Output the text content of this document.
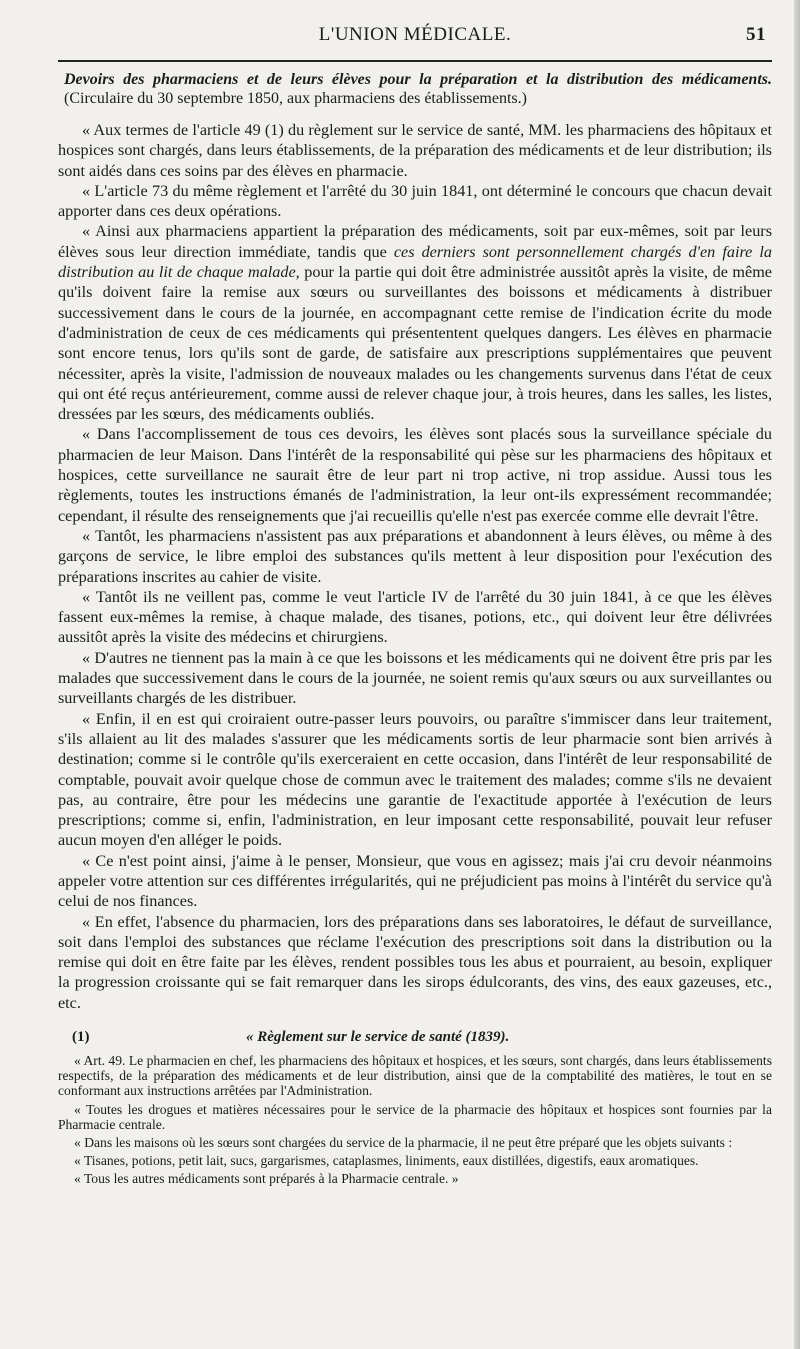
L'UNION MÉDICALE.	51
Devoirs des pharmaciens et de leurs élèves pour la préparation et la distribution des médicaments. (Circulaire du 30 septembre 1850, aux pharmaciens des établissements.)

« Aux termes de l'article 49 (1) du règlement sur le service de santé, MM. les pharmaciens des hôpitaux et hospices sont chargés, dans leurs établissements, de la préparation des médicaments et de leur distribution; ils sont aidés dans ces soins par des élèves en pharmacie.

« L'article 73 du même règlement et l'arrêté du 30 juin 1841, ont déterminé le concours que chacun devait apporter dans ces deux opérations.

« Ainsi aux pharmaciens appartient la préparation des médicaments, soit par eux-mêmes, soit par leurs élèves sous leur direction immédiate, tandis que ces derniers sont personnellement chargés d'en faire la distribution au lit de chaque malade, pour la partie qui doit être administrée aussitôt après la visite, de même qu'ils doivent faire la remise aux sœurs ou surveillantes des boissons et médicaments à distribuer successivement dans le cours de la journée, en accompagnant cette remise de l'indication écrite du mode d'administration de ceux de ces médicaments qui présententent quelques dangers. Les élèves en pharmacie sont encore tenus, lors qu'ils sont de garde, de satisfaire aux prescriptions supplémentaires que peuvent nécessiter, après la visite, l'admission de nouveaux malades ou les changements survenus dans l'état de ceux qui ont été reçus antérieurement, comme aussi de relever chaque jour, à trois heures, dans les salles, les listes, dressées par les sœurs, des médicaments oubliés.

« Dans l'accomplissement de tous ces devoirs, les élèves sont placés sous la surveillance spéciale du pharmacien de leur Maison. Dans l'intérêt de la responsabilité qui pèse sur les pharmaciens des hôpitaux et hospices, cette surveillance ne saurait être de leur part ni trop active, ni trop assidue. Aussi tous les règlements, toutes les instructions émanés de l'administration, la leur ont-ils expressément recommandée; cependant, il résulte des renseignements que j'ai recueillis qu'elle n'est pas exercée comme elle devrait l'être.

« Tantôt, les pharmaciens n'assistent pas aux préparations et abandonnent à leurs élèves, ou même à des garçons de service, le libre emploi des substances qu'ils mettent à leur disposition pour l'exécution des préparations inscrites au cahier de visite.

« Tantôt ils ne veillent pas, comme le veut l'article IV de l'arrêté du 30 juin 1841, à ce que les élèves fassent eux-mêmes la remise, à chaque malade, des tisanes, potions, etc., qui doivent leur être délivrées aussitôt après la visite des médecins et chirurgiens.

« D'autres ne tiennent pas la main à ce que les boissons et les médicaments qui ne doivent être pris par les malades que successivement dans le cours de la journée, ne soient remis qu'aux sœurs ou aux surveillantes ou surveillants chargés de les distribuer.

« Enfin, il en est qui croiraient outre-passer leurs pouvoirs, ou paraître s'immiscer dans leur traitement, s'ils allaient au lit des malades s'assurer que les médicaments sortis de leur pharmacie sont bien arrivés à destination; comme si le contrôle qu'ils exerceraient en cette occasion, dans l'intérêt de leur responsabilité de comptable, pouvait avoir quelque chose de commun avec le traitement des malades; comme s'ils ne devaient pas, au contraire, être pour les médecins une garantie de l'exactitude apportée à l'exécution de leurs prescriptions; comme si, enfin, l'administration, en leur imposant cette responsabilité, pouvait leur refuser aucun moyen d'en alléger le poids.

« Ce n'est point ainsi, j'aime à le penser, Monsieur, que vous en agissez; mais j'ai cru devoir néanmoins appeler votre attention sur ces différentes irrégularités, qui ne préjudicient pas moins à l'intérêt du service qu'à celui de nos finances.

« En effet, l'absence du pharmacien, lors des préparations dans ses laboratoires, le défaut de surveillance, soit dans l'emploi des substances que réclame l'exécution des prescriptions soit dans la distribution ou la remise qui doit en être faite par les élèves, rendent possibles tous les abus et pourraient, au besoin, expliquer la progression croissante qui se fait remarquer dans les sirops édulcorants, des vins, des eaux gazeuses, etc., etc.

(1)	« Règlement sur le service de santé (1839).

« Art. 49. Le pharmacien en chef, les pharmaciens des hôpitaux et hospices, et les sœurs, sont chargés, dans leurs établissements respectifs, de la préparation des médicaments et de leur distribution, ainsi que de la comptabilité des matières, le tout en se conformant aux instructions arrêtées par l'Administration.

« Toutes les drogues et matières nécessaires pour le service de la pharmacie des hôpitaux et hospices sont fournies par la Pharmacie centrale.

« Dans les maisons où les sœurs sont chargées du service de la pharmacie, il ne peut être préparé que les objets suivants :

« Tisanes, potions, petit lait, sucs, gargarismes, cataplasmes, liniments, eaux distillées, digestifs, eaux aromatiques.

« Tous les autres médicaments sont préparés à la Pharmacie centrale. »
